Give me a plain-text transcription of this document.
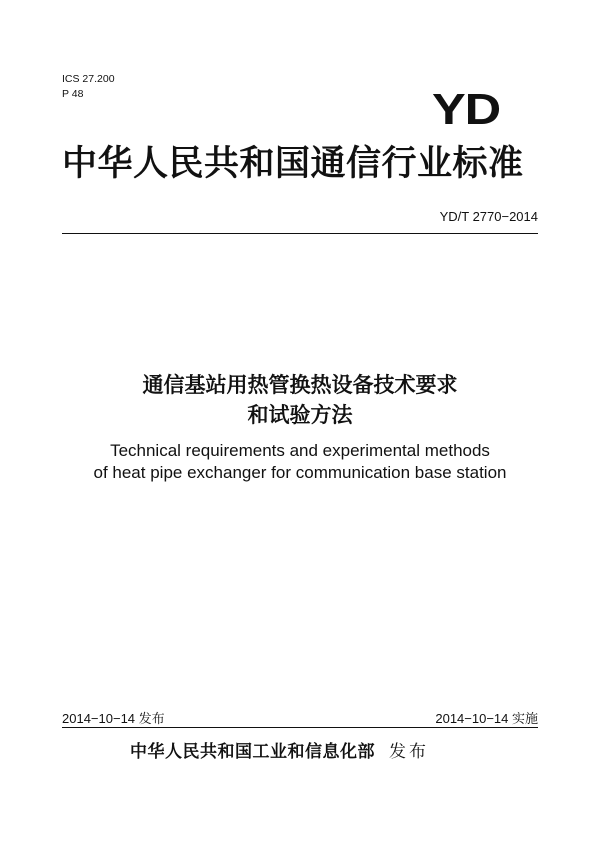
ICS 27.200
P 48	YD
中华人民共和国通信行业标准
YD/T 2770−2014
通信基站用热管换热设备技术要求
和试验方法
Technical requirements and experimental methods
of heat pipe exchanger for communication base station
2014−10−14 发布	2014−10−14 实施
中华人民共和国工业和信息化部 发布
